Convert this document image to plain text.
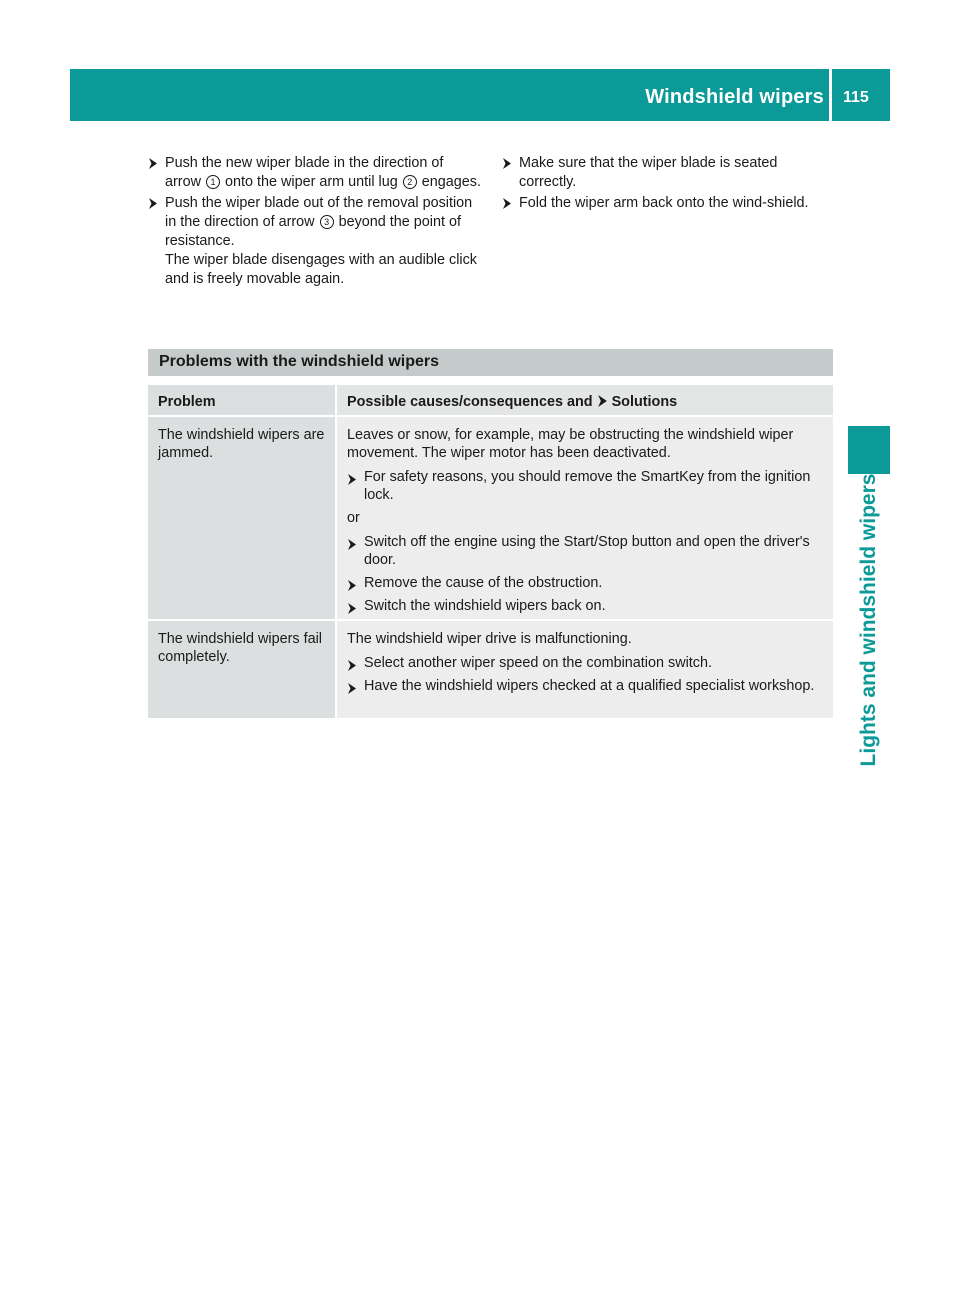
Windshield wipers 115
Lights and windshield wipers
Push the new wiper blade in the direction of arrow 1 onto the wiper arm until lug 2 engages.
Push the wiper blade out of the removal position in the direction of arrow 3 beyond the point of resistance.
The wiper blade disengages with an audible click and is freely movable again.
Make sure that the wiper blade is seated correctly.
Fold the wiper arm back onto the wind-shield.
Problems with the windshield wipers
Problem	Possible causes/consequences and Solutions
The windshield wipers are jammed.
Leaves or snow, for example, may be obstructing the windshield wiper movement. The wiper motor has been deactivated.
For safety reasons, you should remove the SmartKey from the ignition lock.
or
Switch off the engine using the Start/Stop button and open the driver's door.
Remove the cause of the obstruction.
Switch the windshield wipers back on.
The windshield wipers fail completely.
The windshield wiper drive is malfunctioning.
Select another wiper speed on the combination switch.
Have the windshield wipers checked at a qualified specialist workshop.
